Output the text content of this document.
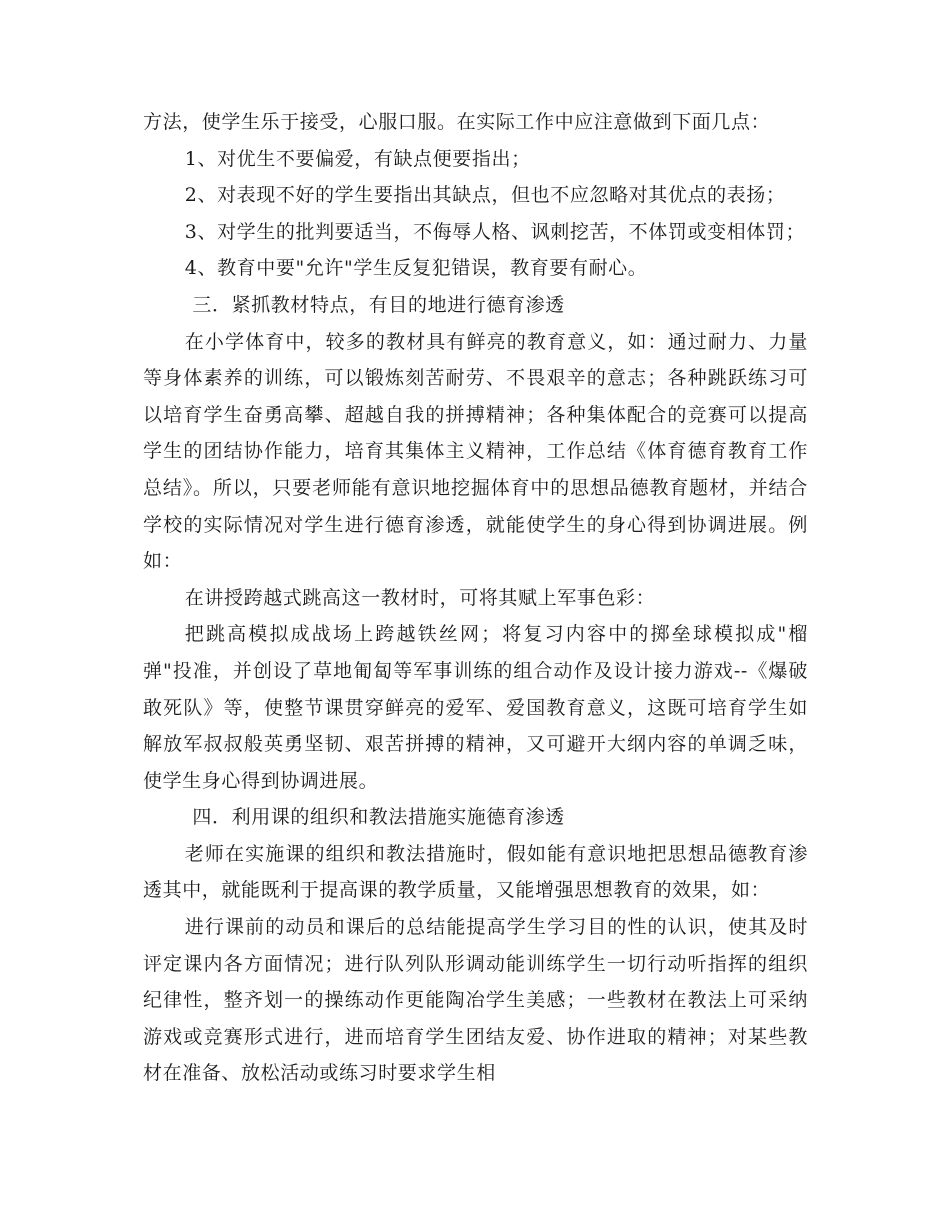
方法，使学生乐于接受，心服口服。在实际工作中应注意做到下面几点：

1、对优生不要偏爱，有缺点便要指出；

2、对表现不好的学生要指出其缺点，但也不应忽略对其优点的表扬；

3、对学生的批判要适当，不侮辱人格、讽刺挖苦，不体罚或变相体罚；

4、教育中要"允许"学生反复犯错误，教育要有耐心。

三．紧抓教材特点，有目的地进行德育渗透

在小学体育中，较多的教材具有鲜亮的教育意义，如：通过耐力、力量等身体素养的训练，可以锻炼刻苦耐劳、不畏艰辛的意志；各种跳跃练习可以培育学生奋勇高攀、超越自我的拼搏精神；各种集体配合的竞赛可以提高学生的团结协作能力，培育其集体主义精神，工作总结《体育德育教育工作总结》。所以，只要老师能有意识地挖掘体育中的思想品德教育题材，并结合学校的实际情况对学生进行德育渗透，就能使学生的身心得到协调进展。例如：

在讲授跨越式跳高这一教材时，可将其赋上军事色彩：

把跳高模拟成战场上跨越铁丝网；将复习内容中的掷垒球模拟成"榴弹"投准，并创设了草地匍匐等军事训练的组合动作及设计接力游戏--《爆破敢死队》等，使整节课贯穿鲜亮的爱军、爱国教育意义，这既可培育学生如解放军叔叔般英勇坚韧、艰苦拼搏的精神，又可避开大纲内容的单调乏味，使学生身心得到协调进展。

四．利用课的组织和教法措施实施德育渗透

老师在实施课的组织和教法措施时，假如能有意识地把思想品德教育渗透其中，就能既利于提高课的教学质量，又能增强思想教育的效果，如：

进行课前的动员和课后的总结能提高学生学习目的性的认识，使其及时评定课内各方面情况；进行队列队形调动能训练学生一切行动听指挥的组织纪律性，整齐划一的操练动作更能陶冶学生美感；一些教材在教法上可采纳游戏或竞赛形式进行，进而培育学生团结友爱、协作进取的精神；对某些教材在准备、放松活动或练习时要求学生相
